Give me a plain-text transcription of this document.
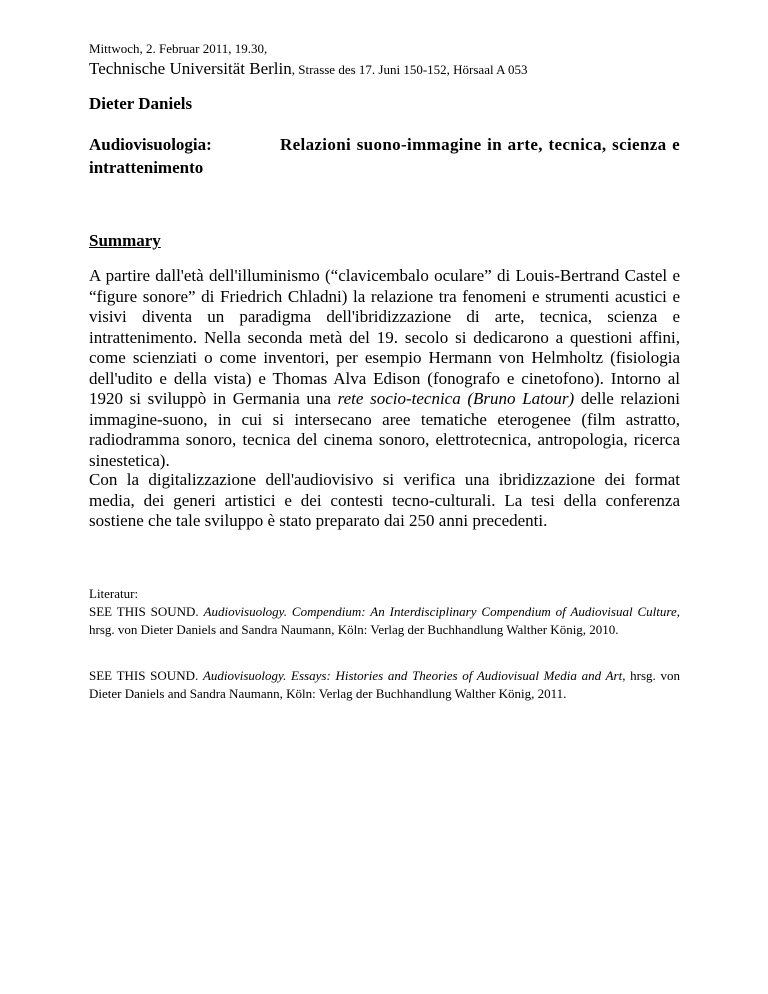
Mittwoch, 2. Februar 2011, 19.30,
Technische Universität Berlin, Strasse des 17. Juni 150-152, Hörsaal A 053
Dieter Daniels
Audiovisuologia:	Relazioni suono-immagine in arte, tecnica, scienza e
intrattenimento
Summary
A partire dall'età dell'illuminismo (“clavicembalo oculare” di Louis-Bertrand Castel e “figure sonore” di Friedrich Chladni) la relazione tra fenomeni e strumenti acustici e visivi diventa un paradigma dell'ibridizzazione di arte, tecnica, scienza e intrattenimento. Nella seconda metà del 19. secolo si dedicarono a questioni affini, come scienziati o come inventori, per esempio Hermann von Helmholtz (fisiologia dell'udito e della vista) e Thomas Alva Edison (fonografo e cinetofono). Intorno al 1920 si sviluppò in Germania una rete socio-tecnica (Bruno Latour) delle relazioni immagine-suono, in cui si intersecano aree tematiche eterogenee (film astratto, radiodramma sonoro, tecnica del cinema sonoro, elettrotecnica, antropologia, ricerca sinestetica).
Con la digitalizzazione dell'audiovisivo si verifica una ibridizzazione dei format media, dei generi artistici e dei contesti tecno-culturali. La tesi della conferenza sostiene che tale sviluppo è stato preparato dai 250 anni precedenti.
Literatur:
SEE THIS SOUND. Audiovisuology. Compendium: An Interdisciplinary Compendium of Audiovisual Culture, hrsg. von Dieter Daniels and Sandra Naumann, Köln: Verlag der Buchhandlung Walther König, 2010.
SEE THIS SOUND. Audiovisuology. Essays: Histories and Theories of Audiovisual Media and Art, hrsg. von Dieter Daniels and Sandra Naumann, Köln: Verlag der Buchhandlung Walther König, 2011.
